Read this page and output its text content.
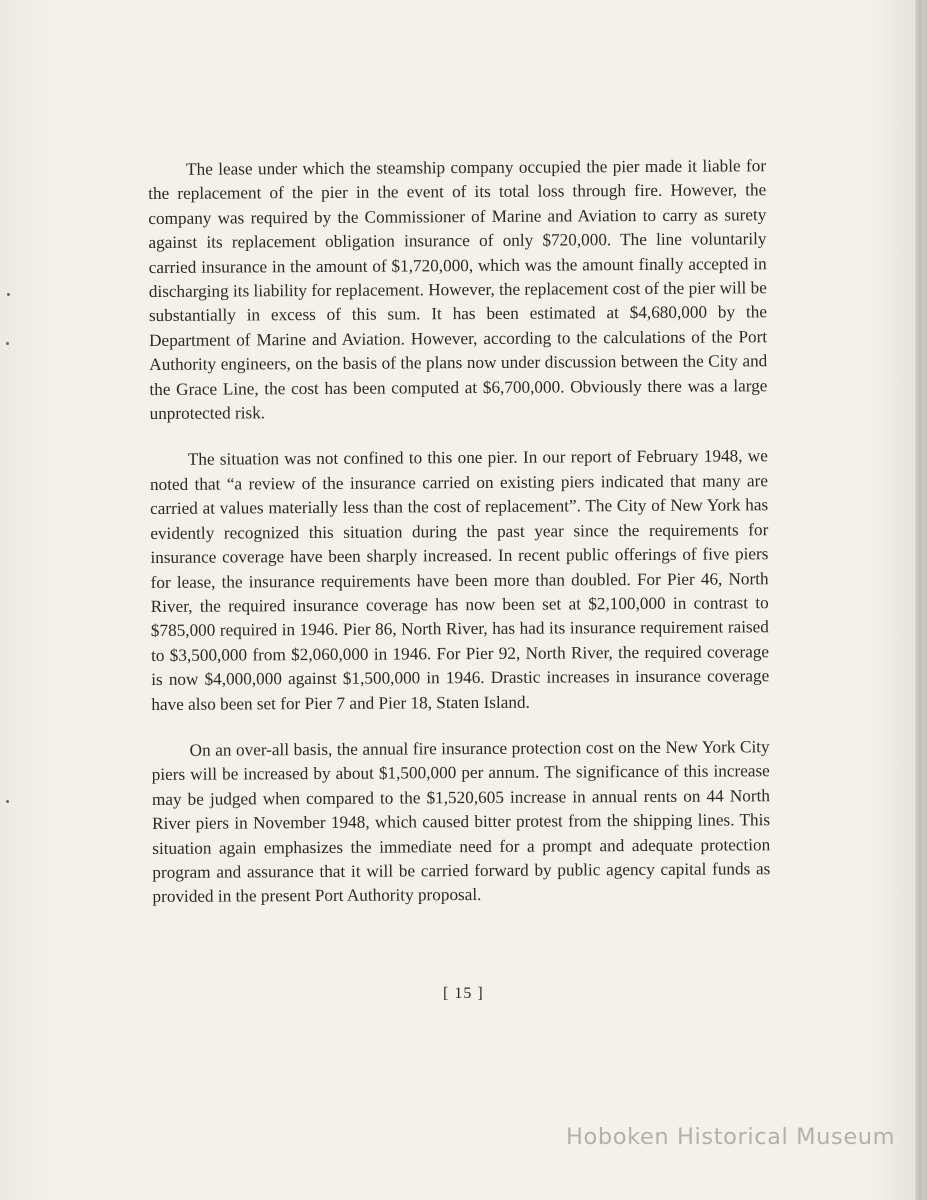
The lease under which the steamship company occupied the pier made it liable for the replacement of the pier in the event of its total loss through fire. However, the company was required by the Commissioner of Marine and Aviation to carry as surety against its replacement obligation insurance of only $720,000. The line voluntarily carried insurance in the amount of $1,720,000, which was the amount finally accepted in discharging its liability for replacement. However, the replacement cost of the pier will be substantially in excess of this sum. It has been estimated at $4,680,000 by the Department of Marine and Aviation. However, according to the calculations of the Port Authority engineers, on the basis of the plans now under discussion between the City and the Grace Line, the cost has been computed at $6,700,000. Obviously there was a large unprotected risk.

The situation was not confined to this one pier. In our report of February 1948, we noted that “a review of the insurance carried on existing piers indicated that many are carried at values materially less than the cost of replacement”. The City of New York has evidently recognized this situation during the past year since the requirements for insurance coverage have been sharply increased. In recent public offerings of five piers for lease, the insurance requirements have been more than doubled. For Pier 46, North River, the required insurance coverage has now been set at $2,100,000 in contrast to $785,000 required in 1946. Pier 86, North River, has had its insurance requirement raised to $3,500,000 from $2,060,000 in 1946. For Pier 92, North River, the required coverage is now $4,000,000 against $1,500,000 in 1946. Drastic increases in insurance coverage have also been set for Pier 7 and Pier 18, Staten Island.

On an over-all basis, the annual fire insurance protection cost on the New York City piers will be increased by about $1,500,000 per annum. The significance of this increase may be judged when compared to the $1,520,605 increase in annual rents on 44 North River piers in November 1948, which caused bitter protest from the shipping lines. This situation again emphasizes the immediate need for a prompt and adequate protection program and assurance that it will be carried forward by public agency capital funds as provided in the present Port Authority proposal.

[ 15 ]
Hoboken Historical Museum
